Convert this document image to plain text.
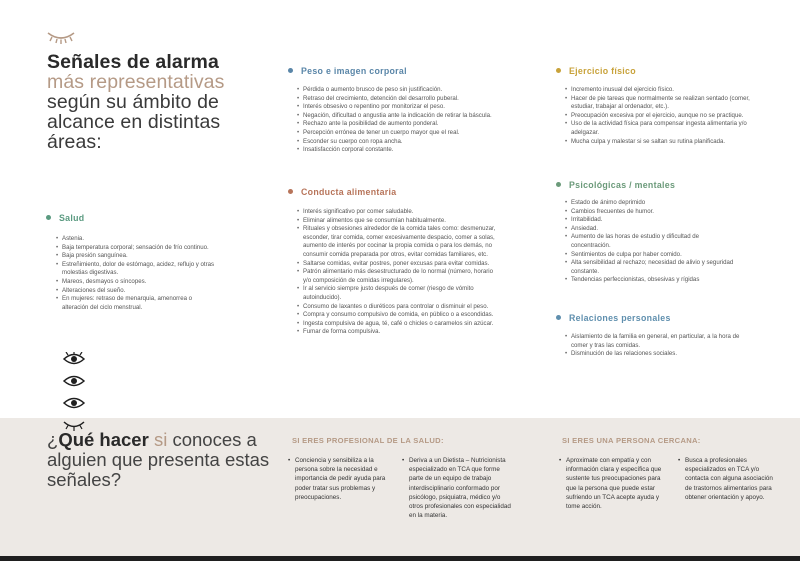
Señales de alarma más representativas según su ámbito de alcance en distintas áreas:
Salud
• Astenia.
• Baja temperatura corporal; sensación de frío continuo.
• Baja presión sanguínea.
• Estreñimiento, dolor de estómago, acidez, reflujo y otras molestias digestivas.
• Mareos, desmayos o síncopes.
• Alteraciones del sueño.
• En mujeres: retraso de menarquia, amenorrea o alteración del ciclo menstrual.
Peso e imagen corporal
• Pérdida o aumento brusco de peso sin justificación.
• Retraso del crecimiento, detención del desarrollo puberal.
• Interés obsesivo o repentino por monitorizar el peso.
• Negación, dificultad o angustia ante la indicación de retirar la báscula.
• Rechazo ante la posibilidad de aumento ponderal.
• Percepción errónea de tener un cuerpo mayor que el real.
• Esconder su cuerpo con ropa ancha.
• Insatisfacción corporal constante.
Conducta alimentaria
• Interés significativo por comer saludable.
• Eliminar alimentos que se consumían habitualmente.
• Rituales y obsesiones alrededor de la comida tales como: desmenuzar, esconder, tirar comida, comer excesivamente despacio, comer a solas, aumento de interés por cocinar la propia comida o para los demás, no consumir comida preparada por otros, evitar comidas familiares, etc.
• Saltarse comidas, evitar postres, poner excusas para evitar comidas.
• Patrón alimentario más desestructurado de lo normal (número, horario y/o composición de comidas irregulares).
• Ir al servicio siempre justo después de comer (riesgo de vómito autoinducido).
• Consumo de laxantes o diuréticos para controlar o disminuir el peso.
• Compra y consumo compulsivo de comida, en público o a escondidas.
• Ingesta compulsiva de agua, té, café o chicles o caramelos sin azúcar.
• Fumar de forma compulsiva.
Ejercicio físico
• Incremento inusual del ejercicio físico.
• Hacer de pie tareas que normalmente se realizan sentado (comer, estudiar, trabajar al ordenador, etc.).
• Preocupación excesiva por el ejercicio, aunque no se practique.
• Uso de la actividad física para compensar ingesta alimentaria y/o adelgazar.
• Mucha culpa y malestar si se saltan su rutina planificada.
Psicológicas / mentales
• Estado de ánimo deprimido
• Cambios frecuentes de humor.
• Irritabilidad.
• Ansiedad.
• Aumento de las horas de estudio y dificultad de concentración.
• Sentimientos de culpa por haber comido.
• Alta sensibilidad al rechazo; necesidad de alivio y seguridad constante.
• Tendencias perfeccionistas, obsesivas y rígidas
Relaciones personales
• Aislamiento de la familia en general, en particular, a la hora de comer y tras las comidas.
• Disminución de las relaciones sociales.
¿Qué hacer si conoces a alguien que presenta estas señales?
SI ERES PROFESIONAL DE LA SALUD:
• Conciencia y sensibiliza a la persona sobre la necesidad e importancia de pedir ayuda para poder tratar sus problemas y preocupaciones.
• Deriva a un Dietista – Nutricionista especializado en TCA que forme parte de un equipo de trabajo interdisciplinario conformado por psicólogo, psiquiatra, médico y/o otros profesionales con especialidad en la materia.
SI ERES UNA PERSONA CERCANA:
• Aproximate con empatía y con información clara y específica que sustente tus preocupaciones para que la persona que puede estar sufriendo un TCA acepte ayuda y tome acción.
• Busca a profesionales especializados en TCA y/o contacta con alguna asociación de trastornos alimentarios para obtener orientación y apoyo.
